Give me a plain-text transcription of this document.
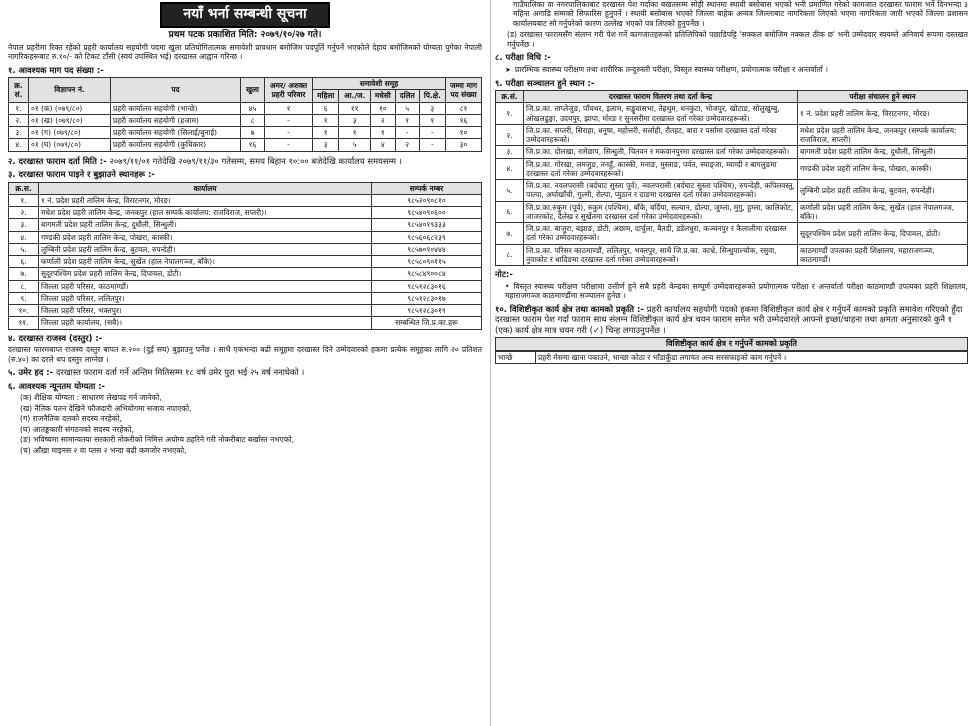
नयाँ भर्ना सम्बन्धी सूचना
प्रथम पटक प्रकाशित मिति: २०७९/१०/२७ गते।
नेपाल प्रहरीमा रिक्त रहेको प्रहरी कार्यालय सहयोगी पदमा खुला प्रतियोगितात्मक समावेशी प्रावधान बमोजिम पदपूर्ति गर्नुपर्ने भएकोले देहाय बमोजिमको योग्यता पुगेका नेपाली नागरिकहरूबाट रु.१०/- को टिकट टाँसी (स्वयं उपस्थित भई) दरखास्त आह्वान गरिन्छ ।
१. आवश्यक माग पद संख्या :-
क्र. सं.	विज्ञापन नं.	पद	खुला	अमर/ अशक्त प्रहरी परिवार	समावेशी समूह					जम्मा माग पद संख्या
					महिला	आ./ज.	मधेसी	दलित	पि.क्षे.	
१.	०१ (क) (०७९/८०)	प्रहरी कार्यालय सहयोगी (भान्छे)	४५	१	६	११	१०	५	३	८१
२.	०१ (ख) (०७९/८०)	प्रहरी कार्यालय सहयोगी (हजाम)	८	-	१	३	२	१	१	१६
३.	०१ (ग) (०७९/८०)	प्रहरी कार्यालय सहयोगी (सिलाई/बुनाई)	७	-	१	१	१	-	-	१०
४.	०१ (घ) (०७९/८०)	प्रहरी कार्यालय सहयोगी (कुचिकार)	१६	-	३	५	४	२	-	३०
२. दरखास्त फाराम दर्ता मिति :- २०७९/११/०१ गतेदेखि २०७९/११/३० गतेसम्म, समय बिहान १०:०० बजेदेखि कार्यालय समयसम्म ।
३. दरखास्त फाराम पाइने र बुझाउने स्थानहरू :-
क्र.स.	कार्यालय	सम्पर्क नम्बर
१.	१ नं. प्रदेश प्रहरी तालिम केन्द्र, विराटनगर, मोरङ।	९८५२०९०८१०
२.	मधेश प्रदेश प्रहरी तालिम केन्द्र, जनकपुर (हाल सम्पर्क कार्यालय: राजविराज, सप्तरी)।	९८५४०९०६००
३.	बागमती प्रदेश प्रहरी तालिम केन्द्र, दुधौली, सिन्धुली।	९८५४०१९३३३
४.	गण्डकी प्रदेश प्रहरी तालिम केन्द्र, पोखरा, कास्की।	९८५६०६८२३९
५.	लुम्बिनी प्रदेश प्रहरी तालिम केन्द्र, बुटवल, रुपन्देही।	९८५७०१०४४४
६.	कर्णाली प्रदेश प्रहरी तालिम केन्द्र, सुर्खेत (हाल नेपालगञ्ज, बाँके)।	९८५८०९०११५
७.	सुदूरपश्चिम प्रदेश प्रहरी तालिम केन्द्र, दिपायल, डोटी।	९८५८४९००८४
८.	जिल्ला प्रहरी परिसर, काठमाण्डौं।	९८५१२८३०१६
९.	जिल्ला प्रहरी परिसर, ललितपुर।	९८५१२८३०१७
१०.	जिल्ला प्रहरी परिसर, भक्तपुर।	९८५१२८३०१९
११.	जिल्ला प्रहरी कार्यालय, (सबै)।	सम्बन्धित जि.प्र.का.हरू
४. दरखास्त राजस्व (दस्तुर) :-
दरखास्त फारमबाप्त राजस्व दस्तुर बापत रु.२०० (दुई सय) बुझाउनु पर्नेछ । साथै एकभन्दा बढी समूहमा दरखास्त दिने उम्मेदवारको हकमा प्रत्येक समूहका लागि २० प्रतिशत (रु.४०) का दरले थप दस्तुर लाग्नेछ ।
५. उमेर हद :- दरखास्त फाराम दर्ता गर्ने अन्तिम मितिसम्म १८ वर्ष उमेर पुरा भई २५ वर्ष ननाघेको ।
६. आवश्यक न्यूनतम योग्यता :-
(क) शैक्षिक योग्यता : साधारण लेखपढ गर्न जानेको,
(ख) नैतिक पतन देखिने फौजदारी अभियोगमा सजाय नपाएको,
(ग) राजनैतिक दलको सदस्य नरहेको,
(घ) आतङ्ककारी संगठनको सदस्य नरहेको,
(ङ) भविष्यमा सामान्यतया सरकारी नोकरीको निमित्त अयोग्य ठहरिने गरी नोकरीबाट बर्खास्त नभएको,
(च) आँखा माइनस २ वा प्लस २ भन्दा बढी कमजोर नभएको,
गाउँपालिका वा नगरपालिकाबाट दरखास्त पेश गर्दाका बखतसम्म सोही स्थानमा स्थायी बसोबास भएको भनी प्रमाणित गरेको कागजात दरखास्त फाराम भर्ने दिनभन्दा ३ महिना अगाडि सम्मको सिफारिस हुनुपर्ने । स्थायी बसोबास भएको जिल्ला बाहेक अन्यत्र जिल्लाबाट नागरिकता लिएको भएमा नागरिकता जारी भएको जिल्ला प्रशासन कार्यालयबाट सो गर्नुपरेको कारण उल्लेख भएको पत्र लिएको हुनुपर्नेछ ।
(ड) दरखास्त फारामसँग संलग्न गरी पेश गर्ने कागजातहरूको प्रतिलिपिको पछाडिपट्टि 'सक्कल बमोजिम नक्कल ठीक छ' भनी उम्मेदवार स्वयम्ले अनिवार्य रूपमा दस्तखत गर्नुपर्नेछ ।
८. परीक्षा विधि :-
➤ प्रारम्भिक स्वास्थ्य परीक्षण तथा शारीरिक तन्दुरुस्ती परीक्षा, विस्तृत स्वास्थ्य परीक्षण, प्रयोगात्मक परीक्षा र अन्तर्वार्ता ।
९. परीक्षा सञ्चालन हुने स्थान :-
क्र.सं.	दरखास्त फाराम वितरण तथा दर्ता केन्द्र	परीक्षा संचालन हुने स्थान
१.	जि.प्र.का. ताप्लेजुङ, पाँचथर, इलाम, सङ्खुवासभा, तेह्रथुम, धनकुटा, भोजपुर, खोटाङ, सोलुखुम्बु, ओखलढुङ्गा, उदयपुर, झापा, मोरङ र सुनसरीमा दरखास्त दर्ता गरेका उम्मेदवारहरूको।	१ नं. प्रदेश प्रहरी तालिम केन्द्र, विराटनगर, मोरङ।
२.	जि.प्र.का. सप्तरी, सिराहा, धनुषा, महोत्तरी, सर्लाही, रौतहट, बारा र पर्सामा दरखास्त दर्ता गरेका उम्मेदवारहरूको।	मधेश प्रदेश प्रहरी तालिम केन्द्र, जनकपुर (सम्पर्क कार्यालय: राजविराज, सप्तरी)
३.	जि.प्र.का. दोलखा, रामेछाप, सिन्धुली, चितवन र मकवानपुरमा दरखास्त दर्ता गरेका उम्मेदवारहरूको।	बागमती प्रदेश प्रहरी तालिम केन्द्र, दुधौली, सिन्धुली।
४.	जि.प्र.का. गोरखा, लमजुङ, तनहुँ, कास्की, मनाङ, मुस्ताङ, पर्वत, स्याङ्जा, म्याग्दी र बागलुङमा दरखास्त दर्ता गरेका उम्मेदवारहरूको।	गण्डकी प्रदेश प्रहरी तालिम केन्द्र, पोखरा, कास्की।
५.	जि.प्र.का. नवलपरासी (बर्दघाट सुस्ता पूर्व), नवलपरासी (बर्दघाट सुस्ता पश्चिम), रुपन्देही, कपिलवस्तु, पाल्पा, अर्घाखाँची, गुल्मी, रोल्पा, प्युठान र दाङमा दरखास्त दर्ता गरेका उम्मेदवारहरूको।	लुम्बिनी प्रदेश प्रहरी तालिम केन्द्र, बुटवल, रुपन्देही।
६.	जि.प्र.का.रुकुम (पूर्व), रुकुम (पश्चिम), बाँके, बर्दिया, सल्यान, डोल्पा, जुम्ला, मुगु, हुम्ला, कालिकोट, जाजरकोट, दैलेख र सुर्खेतमा दरखास्त दर्ता गरेका उम्मेदवारहरूको।	कर्णाली प्रदेश प्रहरी तालिम केन्द्र, सुर्खेत (हाल नेपालगञ्ज, बाँके)।
७.	जि.प्र.का. बाजुरा, बझाङ, डोटी, अछाम, दार्चुला, बैतडी, डडेलधुरा, कञ्चनपुर र कैलालीमा दरखास्त दर्ता गरेका उम्मेदवारहरूको।	सुदूरपश्चिम प्रदेश प्रहरी तालिम केन्द्र, दिपायल, डोटी।
८.	जि.प्र.का. परिसर काठमाण्डौं, ललितपुर, भक्तपुर, साथै जि.प्र.का. काभ्रे, सिन्धुपाल्चोक, रसुवा, नुवाकोट र धादिङमा दरखास्त दर्ता गरेका उम्मेदवारहरूको।	काठमाण्डौं उपत्यका प्रहरी शिक्षालय, महाराजगञ्ज, काठमाण्डौं।
नोट:-
• विस्तृत स्वास्थ्य परीक्षण परीक्षामा उत्तीर्ण हुने सबै प्रहरी केन्द्रका सम्पूर्ण उम्मेदवारहरूको प्रयोगात्मक परीक्षा र अन्तर्वार्ता परीक्षा काठमाण्डौं उपत्यका प्रहरी शिक्षालय, महाराजगञ्ज काठमाण्डौंमा सञ्चालन हुनेछ ।
१०. विशिष्टीकृत कार्य क्षेत्र तथा कामको प्रकृति :- प्रहरी कार्यालय सहयोगी पदको हकमा विशिष्टीकृत कार्य क्षेत्र र गर्नुपर्ने कामको प्रकृति समावेश गरिएको हुँदा दरखास्त फाराम पेश गर्दा फाराम साथ संलग्न विशिष्टीकृत कार्य क्षेत्र चयन फाराम समेत भरी उम्मेदवारले आफ्नो इच्छा/चाहना तथा क्षमता अनुसारको कुनै १ (एक) कार्य क्षेत्र मात्र चयन गरी (✓) चिन्ह लगाउनुपर्नेछ ।
विशिष्टीकृत कार्य क्षेत्र र गर्नुपर्ने कामको प्रकृति
भान्छे	प्रहरी मेसमा खाना पकाउने, भान्छा कोठा र भाँडाकुँडा लगायत अन्य सरसफाइको काम गर्नुपर्ने ।
